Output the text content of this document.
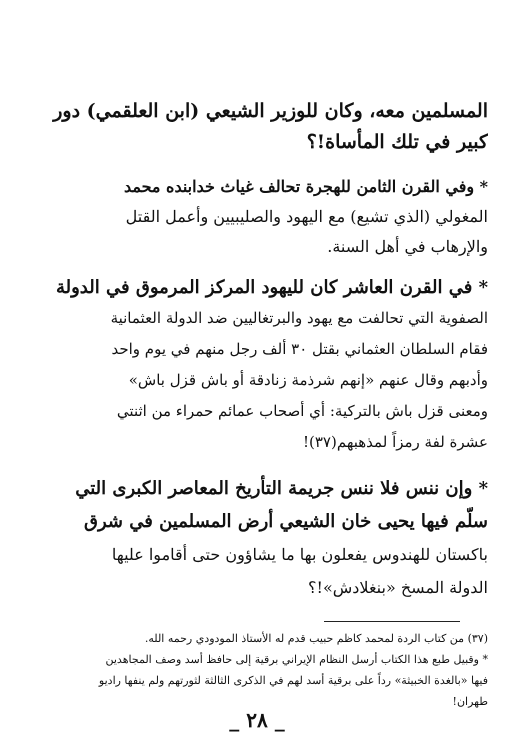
المسلمين معه، وكان للوزير الشيعي (ابن العلقمي) دور
كبير في تلك المأساة!؟

* وفي القرن الثامن للهجرة تحالف غياث خدابنده محمد
المغولي (الذي تشيع) مع اليهود والصليبيين وأعمل القتل
والإرهاب في أهل السنة.

* في القرن العاشر كان لليهود المركز المرموق في الدولة
الصفوية التي تحالفت مع يهود والبرتغاليين ضد الدولة العثمانية
فقام السلطان العثماني بقتل ٣٠ ألف رجل منهم في يوم واحد
وأدبهم وقال عنهم «إنهم شرذمة زنادقة أو باش قزل باش»
ومعنى قزل باش بالتركية: أي أصحاب عمائم حمراء من اثنتي
عشرة لفة رمزاً لمذهبهم(٣٧)!

* وإن ننس فلا ننس جريمة التأريخ المعاصر الكبرى التي
سلّم فيها يحيى خان الشيعي أرض المسلمين في شرق
باكستان للهندوس يفعلون بها ما يشاؤون حتى أقاموا عليها
الدولة المسخ «بنغلادش»!؟

(٣٧) من كتاب الردة لمحمد كاظم حبيب قدم له الأستاذ المودودي رحمه الله.
* وقبيل طبع هذا الكتاب أرسل النظام الإيراني برقية إلى حافظ أسد وصف المجاهدين
فيها «بالغدة الخبيثة» رداً على برقية أسد لهم في الذكرى الثالثة لثورتهم ولم ينفها راديو
طهران!
_ ٢٨ _
